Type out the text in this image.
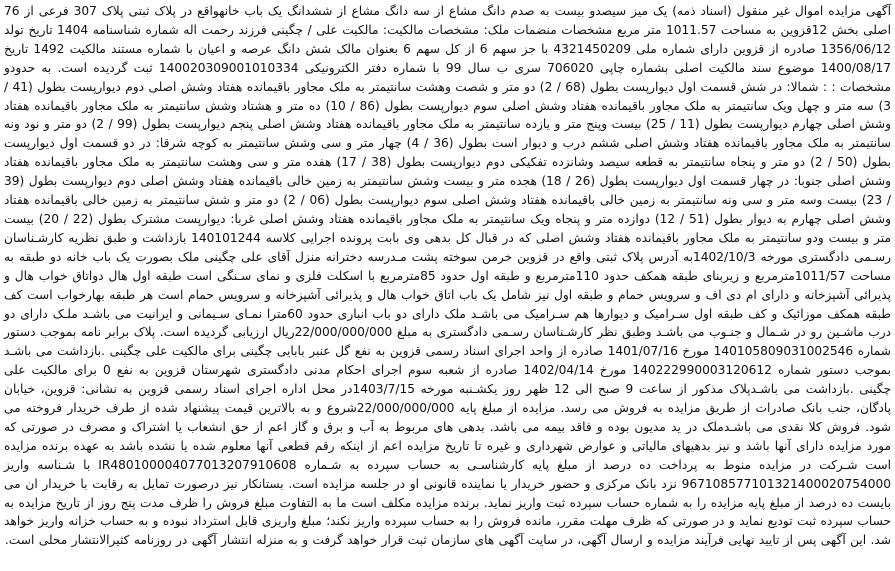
آگهی مزایده اموال غیر منقول (اسناد ذمه) یک میز سیصدو بیست به صدم دانگ مشاع از سه دانگ مشاع از ششدانگ یک باب خانهواقع در پلاک ثبتی پلاک 307 فرعی از 76 اصلی بخش 12قزوین به مساحت 1011.57 متر مربع مشخصات منضمات ملک: مشخصات مالکیت: مالکیت علی / چگینی فرزند رحمت اله شماره شناسنامه 1404 تاریخ تولد 1356/06/12 صادره از قزوین دارای شماره ملی 4321450209 با جز سهم 6 از کل سهم 6 بعنوان مالک شش دانگ عرصه و اعیان با شماره مستند مالکیت 1492 تاریخ 1400/08/17 موضوع سند مالکیت اصلی بشماره چاپی 706020 سری ب سال 99 با شماره دفتر الکترونیکی 140020309001010334 ثبت گردیده است. به حدودو مشخصات : : شمالا: در شش قسمت اول دیوارپست بطول (68 / 2) دو متر و شصت وهشت سانتیمتر به ملک مجاور باقیمانده هفتاد وشش اصلی دوم دیوارپست بطول (41 / 3) سه متر و چهل ویک سانتیمتر به ملک مجاور باقیمانده هفتاد وشش اصلی سوم دیوارپست بطول (86 / 10) ده متر و هشتاد وشش سانتیمتر به ملک مجاور باقیمانده هفتاد وشش اصلی چهارم دیوارپست بطول (11 / 25) بیست وپنج متر و یازده سانتیمتر به ملک مجاور باقیمانده هفتاد وشش اصلی پنجم دیوارپست بطول (99 / 2) دو متر و نود ونه سانتیمتر به ملک مجاور باقیمانده هفتاد وشش اصلی ششم درب و دیوار است بطول (36 / 4) چهار متر و سی وشش سانتیمتر به کوچه شرقا: در دو قسمت اول دیوارپست بطول (50 / 2) دو متر و پنجاه سانتیمتر به قطعه سیصد وشانزده تفکیکی دوم دیوارپست بطول (38 / 17) هفده متر و سی وهشت سانتیمتر به ملک مجاور باقیمانده هفتاد وشش اصلی جنوبا: در چهار قسمت اول دیوارپست بطول (26 / 18) هجده متر و بیست وشش سانتیمتر به زمین خالی باقیمانده هفتاد وشش اصلی دوم دیوارپست بطول (39 / 23) بیست وسه متر و سی ونه سانتیمتر به زمین خالی باقیمانده هفتاد وشش اصلی سوم دیوارپست بطول (06 / 2) دو متر و شش سانتیمتر به زمین خالی باقیمانده هفتاد وشش اصلی چهارم به دیوار بطول (51 / 12) دوازده متر و پنجاه ویک سانتیمتر به ملک مجاور باقیمانده هفتاد وشش اصلی غربا: دیوارپست مشترک بطول (22 / 20) بیست متر و بیست ودو سانتیمتر به ملک مجاور باقیمانده هفتاد وشش اصلی که در قبال کل بدهی وی بابت پرونده اجرایی کلاسه 140101244 بازداشت و طبق نظریه کارشـناسان رسـمی دادگستری مورخه 1402/10/3به آدرس پلاک ثبتی واقع در قزوین خرمن سوخته پشت مـدرسه دخترانه منزل آقای علی چگینی ملک بصورت یک باب خانه دو طبقه به مساحت 1011/57مترمربع و زیربنای طبقه همکف حدود 110مترمربع و طبقه اول حدود 85مترمربع با اسکلت فلزی و نمای سـنگی است طبقه اول هال دواتاق خواب هال و پذیرائی آشپزخانه و دارای ام دی اف و سرویس حمام و طبقه اول نیز شامل یک باب اتاق خواب هال و پذیرائی آشپزخانه و سرویس حمام است هر طبقه بهارخواب است کف طبقه همکف موزائیک و کف طبقه اول سـرامیک و دیوارها هم سـرامیک می باشـد ملک دارای دو باب انباری حدود 60مترا نمـای سـیمانی و ایرانیت می باشـد ملـک دارای دو درب ماشـین رو در شـمال و جنـوب می باشـد وطبق نظر کارشـناسان رسـمی دادگستری به مبلغ 22/000/000/000ریال ارزیابی گردیده است. پلاک برابر نامه بموجب دستور شماره 140105809031002546 مورخ 1401/07/16 صادره از واحد اجرای اسناد رسمی قزوین به نفع گل عنبر بابایی چگینی برای مالکیت علی چگینی .بازداشت می باشـد بموجب دستور شماره 140222990003120612 مورخ 1402/04/14 صادره از شعبه سوم اجرای احکام مدنی دادگستری شهرستان قزوین به نفع 0 برای مالکیت علی چگینی .بازداشت می باشـدپلاک مذکور از ساعت 9 صبح الی 12 ظهر روز یکشـنبه مورخه 1403/7/15در محل اداره اجرای اسناد رسمی قزوین به نشانی: قزوین، خیابان پادگان، جنب بانک صادرات از طریق مزایده به فروش می رسد. مزایده از مبلغ پایه 22/000/000/000شروع و به بالاترین قیمت پیشنهاد شده از طرف خریدار فروخته می شود. فروش کلا نقدی می باشـدملک در ید مدیون بوده و فاقد بیمه می باشد. بدهی های مربوط به آب و برق و گاز اعم از حق انشعاب یا اشتراک و مصرف در صورتی که مورد مزایده دارای آنها باشد و نیز بدهیهای مالیاتی و عوارض شهرداری و غیره تا تاریخ مزایده اعم از اینکه رقم قطعی آنها معلوم شده یا نشده باشد به عهده برنده مزایده است شـرکت در مزایده منوط به پرداخت ده درصد از مبلغ پایه کارشناسـی به حساب سپرده به شـماره IR480100004077013207910608 با شـناسه واریز 967108577101321400020754000 نزد بانک مرکزی و حضور خریدار یا نماینده قانونی او در جلسه مزایده است. بستانکار نیز درصورت تمایل به رقابت با خریدار ان می بایست ده درصد از مبلغ پایه مزایده را به شماره حساب سپرده ثبت واریز نماید. برنده مزایده مکلف است ما به التفاوت مبلغ فروش را ظرف مدت پنج روز از تاریخ مزایده به حساب سپرده ثبت تودیع نماید و در صورتی که ظرف مهلت مقرر، مانده فروش را به حساب سپرده واریز نکند؛ مبلغ واریزی قابل استرداد نبوده و به حساب خزانه واریز خواهد شد. این آگهی پس از تایید نهایی فرآیند مزایده و ارسال آگهی، در سایت آگهی های سازمان ثبت قرار خواهد گرفت و به منزله انتشار آگهی در روزنامه کثیرالانتشار محلی است.
